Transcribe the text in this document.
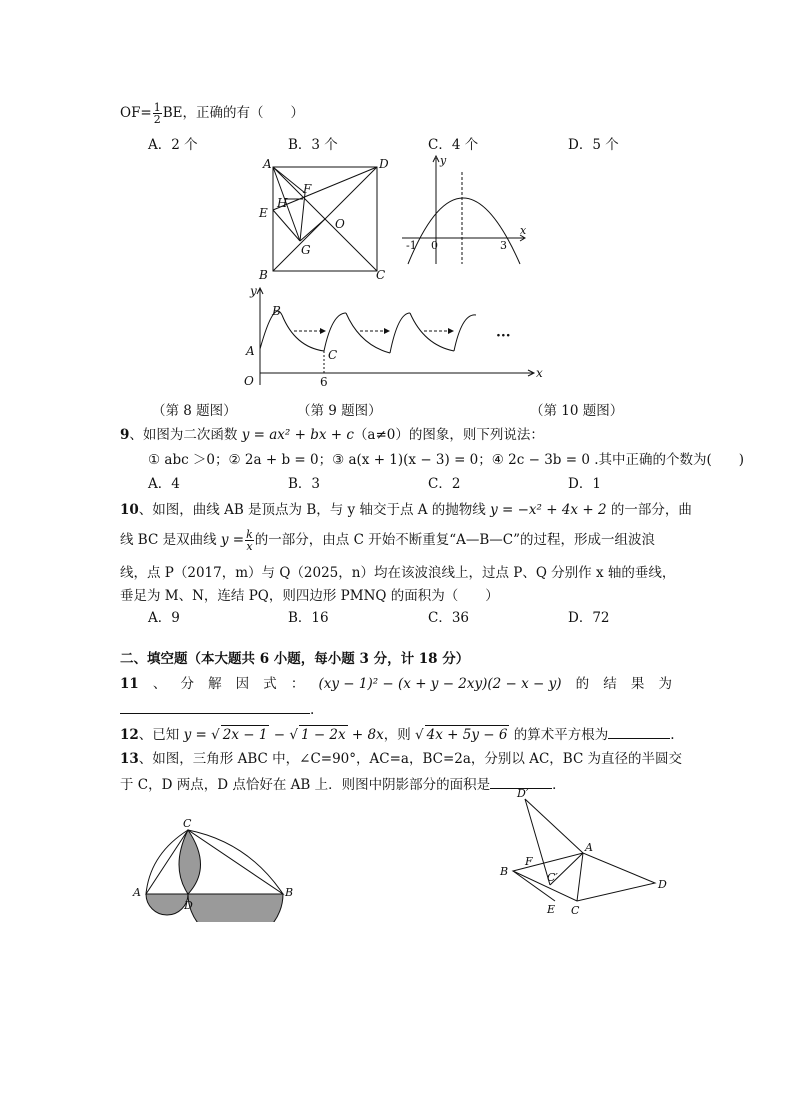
$OF= \frac{1}{2}$ BE，正确的有（　　）
A．2 个	B．3 个	C．4 个	D．5 个
A	D
F
H
E
O
G
B	C
y
x
-1 0	3
y
B
A	C
O
x
6
···
（第 8 题图）	（第 9 题图）	（第 10 题图）
9、如图为二次函数 y = ax² + bx + c（a≠0）的图象，则下列说法：
① abc ＞0；② 2a + b = 0；③ a(x + 1)(x − 3) = 0；④ 2c − 3b = 0 .其中正确的个数为(　　)
A．4	B．3	C．2	D．1
10、如图，曲线 AB 是顶点为 B，与 y 轴交于点 A 的抛物线 y = −x² + 4x + 2 的一部分，曲
线 BC 是双曲线 $y = \frac{k}{x}$ 的一部分，由点 C 开始不断重复“A—B—C”的过程，形成一组波浪
线，点 P（2017，m）与 Q（2025，n）均在该波浪线上，过点 P、Q 分别作 x 轴的垂线，
垂足为 M、N，连结 PQ，则四边形 PMNQ 的面积为（　　）
A．9	B．16	C．36	D．72
二、填空题（本大题共 6 小题，每小题 3 分，计 18 分）
11 、 分 解 因 式 ： (xy − 1)² − (x + y − 2xy)(2 − x − y) 的 结 果 为
.
12、已知 y = √ 2x − 1 − √ 1 − 2x + 8x，则 √ 4x + 5y − 6 的算术平方根为	.
13、如图，三角形 ABC 中，∠C=90°，AC=a，BC=2a，分别以 AC，BC 为直径的半圆交
于 C，D 两点，D 点恰好在 AB 上．则图中阴影部分的面积是	．
C
A
D
B
D′
A
F
B	C′
D
E C
